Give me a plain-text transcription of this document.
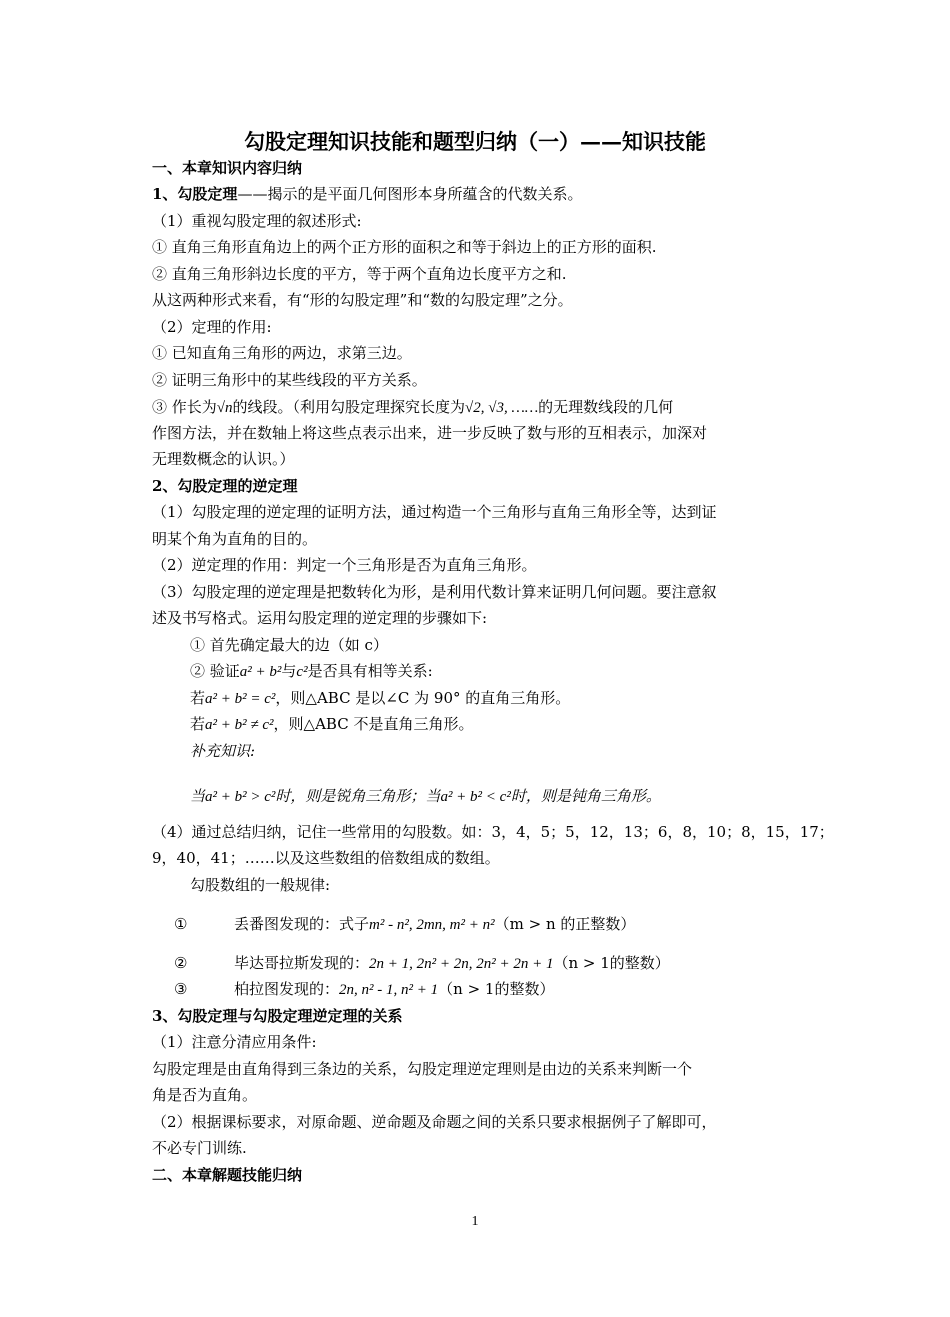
勾股定理知识技能和题型归纳（一）——知识技能
一、本章知识内容归纳
1、勾股定理——揭示的是平面几何图形本身所蕴含的代数关系。
（1）重视勾股定理的叙述形式:
① 直角三角形直角边上的两个正方形的面积之和等于斜边上的正方形的面积.
② 直角三角形斜边长度的平方，等于两个直角边长度平方之和.
从这两种形式来看，有“形的勾股定理”和“数的勾股定理”之分。
（2）定理的作用:
① 已知直角三角形的两边，求第三边。
② 证明三角形中的某些线段的平方关系。
③ 作长为√n的线段。（利用勾股定理探究长度为√2, √3, ……的无理数线段的几何
作图方法，并在数轴上将这些点表示出来，进一步反映了数与形的互相表示，加深对
无理数概念的认识。）
2、勾股定理的逆定理
（1）勾股定理的逆定理的证明方法，通过构造一个三角形与直角三角形全等，达到证
明某个角为直角的目的。
（2）逆定理的作用：判定一个三角形是否为直角三角形。
（3）勾股定理的逆定理是把数转化为形，是利用代数计算来证明几何问题。要注意叙
述及书写格式。运用勾股定理的逆定理的步骤如下:
① 首先确定最大的边（如 c）
② 验证a² + b²与c²是否具有相等关系:
若a² + b² = c²，则△ABC 是以∠C 为 90° 的直角三角形。
若a² + b² ≠ c²，则△ABC 不是直角三角形。
补充知识:
当a² + b² > c²时，则是锐角三角形；当a² + b² < c²时，则是钝角三角形。
（4）通过总结归纳，记住一些常用的勾股数。如：3，4，5；5，12，13；6，8，10；8，15，17；
9，40，41；……以及这些数组的倍数组成的数组。
勾股数组的一般规律:
①	丢番图发现的：式子m² - n², 2mn, m² + n²（m > n 的正整数）
②	毕达哥拉斯发现的：2n + 1, 2n² + 2n, 2n² + 2n + 1（n > 1的整数）
③	柏拉图发现的：2n, n² - 1, n² + 1（n > 1的整数）
3、勾股定理与勾股定理逆定理的关系
（1）注意分清应用条件:
勾股定理是由直角得到三条边的关系，勾股定理逆定理则是由边的关系来判断一个
角是否为直角。
（2）根据课标要求，对原命题、逆命题及命题之间的关系只要求根据例子了解即可，
不必专门训练.
二、本章解题技能归纳
1
